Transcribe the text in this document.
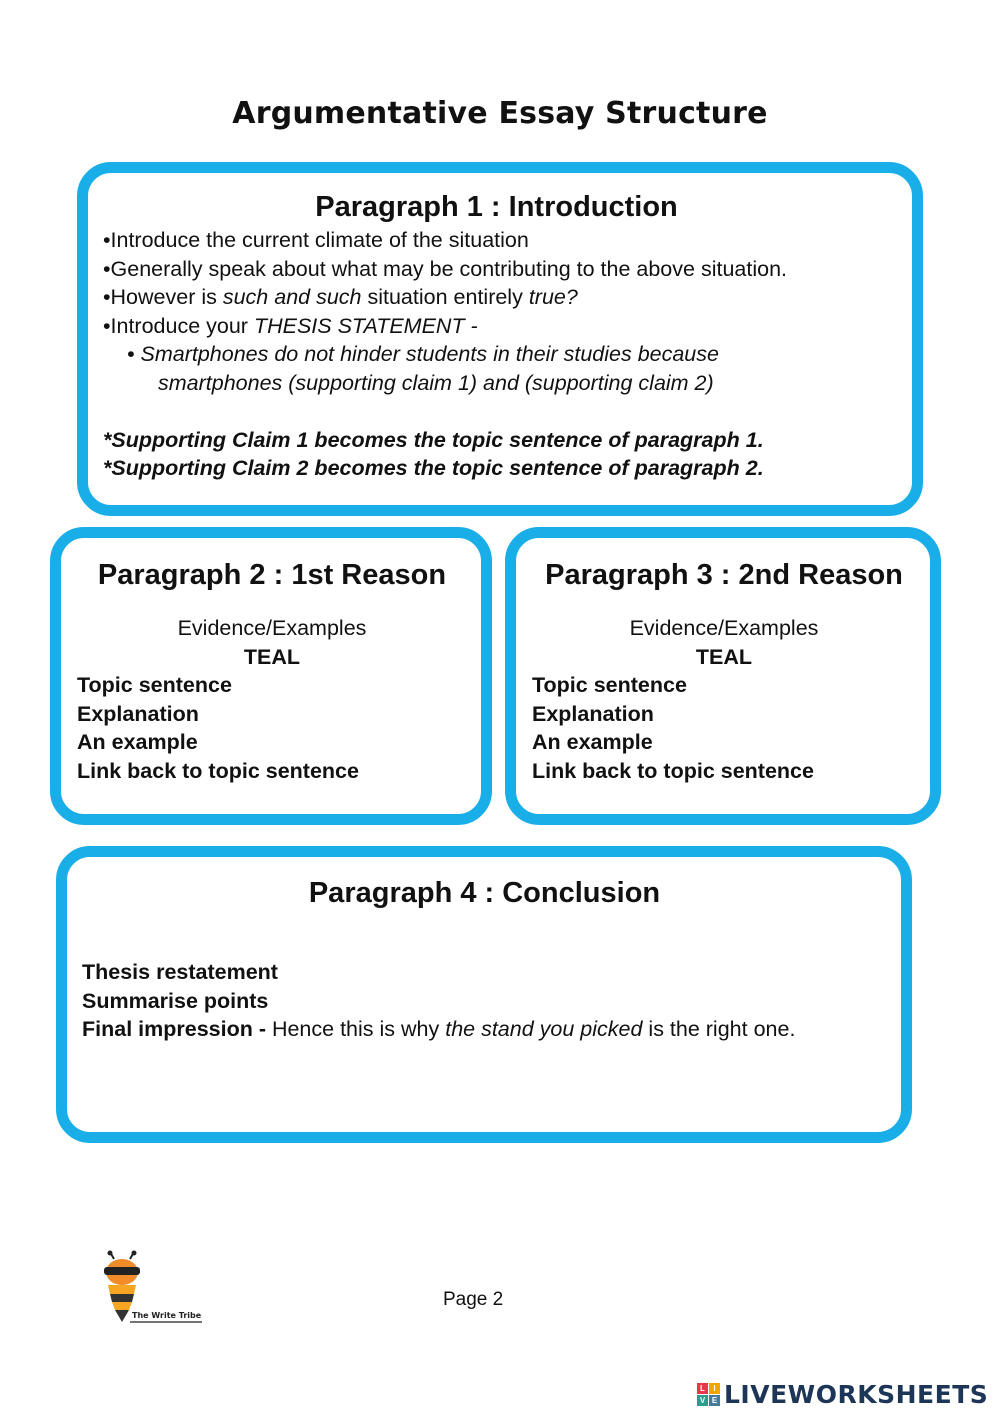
Argumentative Essay Structure
Paragraph 1 : Introduction
•Introduce the current climate of the situation
•Generally speak about what may be contributing to the above situation.
•However is such and such situation entirely true?
•Introduce your THESIS STATEMENT -
• Smartphones do not hinder students in their studies because
smartphones (supporting claim 1) and (supporting claim 2)
*Supporting Claim 1 becomes the topic sentence of paragraph 1.
*Supporting Claim 2 becomes the topic sentence of paragraph 2.
Paragraph 2 : 1st Reason
Evidence/Examples
TEAL
Topic sentence
Explanation
An example
Link back to topic sentence
Paragraph 3 : 2nd Reason
Evidence/Examples
TEAL
Topic sentence
Explanation
An example
Link back to topic sentence
Paragraph 4 : Conclusion
Thesis restatement
Summarise points
Final impression - Hence this is why the stand you picked is the right one.
The Write Tribe
Page 2
L	I
V E LIVEWORKSHEETS
